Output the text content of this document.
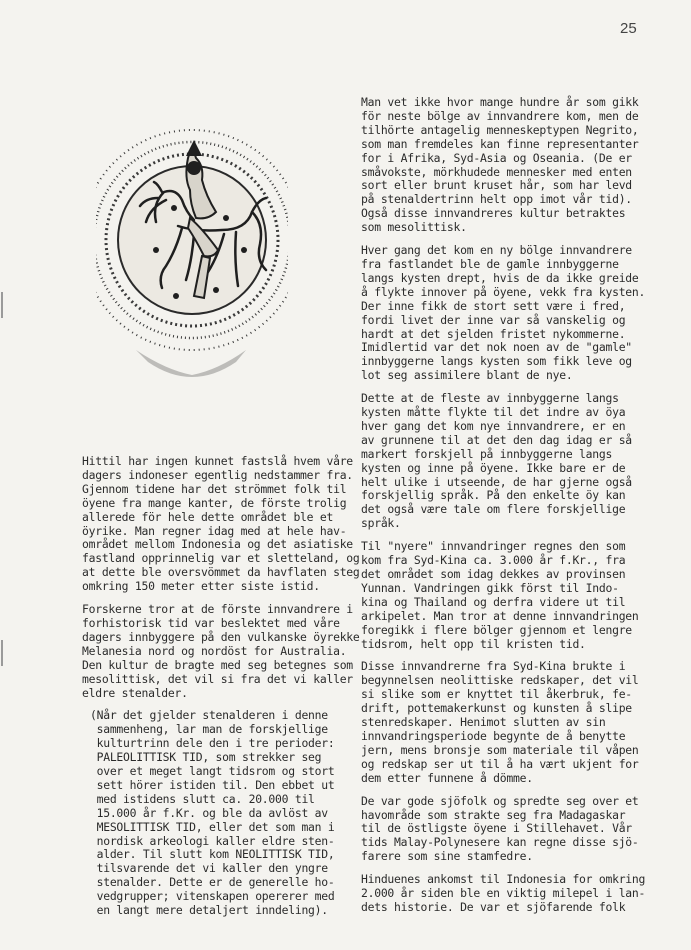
25

Hittil har ingen kunnet fastslå hvem våre
dagers indoneser egentlig nedstammer fra.
Gjennom tidene har det strömmet folk til
öyene fra mange kanter, de förste trolig
allerede för hele dette området ble et
öyrike. Man regner idag med at hele hav-
området mellom Indonesia og det asiatiske
fastland opprinnelig var et sletteland, og
at dette ble oversvömmet da havflaten steg
omkring 150 meter etter siste istid.

Forskerne tror at de förste innvandrere i
forhistorisk tid var beslektet med våre
dagers innbyggere på den vulkanske öyrekke
Melanesia nord og nordöst for Australia.
Den kultur de bragte med seg betegnes som
mesolittisk, det vil si fra det vi kaller
eldre stenalder.

(Når det gjelder stenalderen i denne
sammenheng, lar man de forskjellige
kulturtrinn dele den i tre perioder:
PALEOLITTISK TID, som strekker seg
over et meget langt tidsrom og stort
sett hörer istiden til. Den ebbet ut
med istidens slutt ca. 20.000 til
15.000 år f.Kr. og ble da avlöst av
MESOLITTISK TID, eller det som man i
nordisk arkeologi kaller eldre sten-
alder. Til slutt kom NEOLITTISK TID,
tilsvarende det vi kaller den yngre
stenalder. Dette er de generelle ho-
vedgrupper; vitenskapen opererer med
en langt mere detaljert inndeling).

Man vet ikke hvor mange hundre år som gikk
för neste bölge av innvandrere kom, men de
tilhörte antagelig menneskeptypen Negrito,
som man fremdeles kan finne representanter
for i Afrika, Syd-Asia og Oseania. (De er
småvokste, mörkhudede mennesker med enten
sort eller brunt kruset hår, som har levd
på stenaldertrinn helt opp imot vår tid).
Også disse innvandreres kultur betraktes
som mesolittisk.

Hver gang det kom en ny bölge innvandrere
fra fastlandet ble de gamle innbyggerne
langs kysten drept, hvis de da ikke greide
å flykte innover på öyene, vekk fra kysten.
Der inne fikk de stort sett være i fred,
fordi livet der inne var så vanskelig og
hardt at det sjelden fristet nykommerne.
Imidlertid var det nok noen av de "gamle"
innbyggerne langs kysten som fikk leve og
lot seg assimilere blant de nye.

Dette at de fleste av innbyggerne langs
kysten måtte flykte til det indre av öya
hver gang det kom nye innvandrere, er en
av grunnene til at det den dag idag er så
markert forskjell på innbyggerne langs
kysten og inne på öyene. Ikke bare er de
helt ulike i utseende, de har gjerne også
forskjellig språk. På den enkelte öy kan
det også være tale om flere forskjellige
språk.

Til "nyere" innvandringer regnes den som
kom fra Syd-Kina ca. 3.000 år f.Kr., fra
det området som idag dekkes av provinsen
Yunnan. Vandringen gikk först til Indo-
kina og Thailand og derfra videre ut til
arkipelet. Man tror at denne innvandringen
foregikk i flere bölger gjennom et lengre
tidsrom, helt opp til kristen tid.

Disse innvandrerne fra Syd-Kina brukte i
begynnelsen neolittiske redskaper, det vil
si slike som er knyttet til åkerbruk, fe-
drift, pottemakerkunst og kunsten å slipe
stenredskaper. Henimot slutten av sin
innvandringsperiode begynte de å benytte
jern, mens bronsje som materiale til våpen
og redskap ser ut til å ha vært ukjent for
dem etter funnene å dömme.

De var gode sjöfolk og spredte seg over et
havområde som strakte seg fra Madagaskar
til de östligste öyene i Stillehavet. Vår
tids Malay-Polynesere kan regne disse sjö-
farere som sine stamfedre.

Hinduenes ankomst til Indonesia for omkring
2.000 år siden ble en viktig milepel i lan-
dets historie. De var et sjöfarende folk
